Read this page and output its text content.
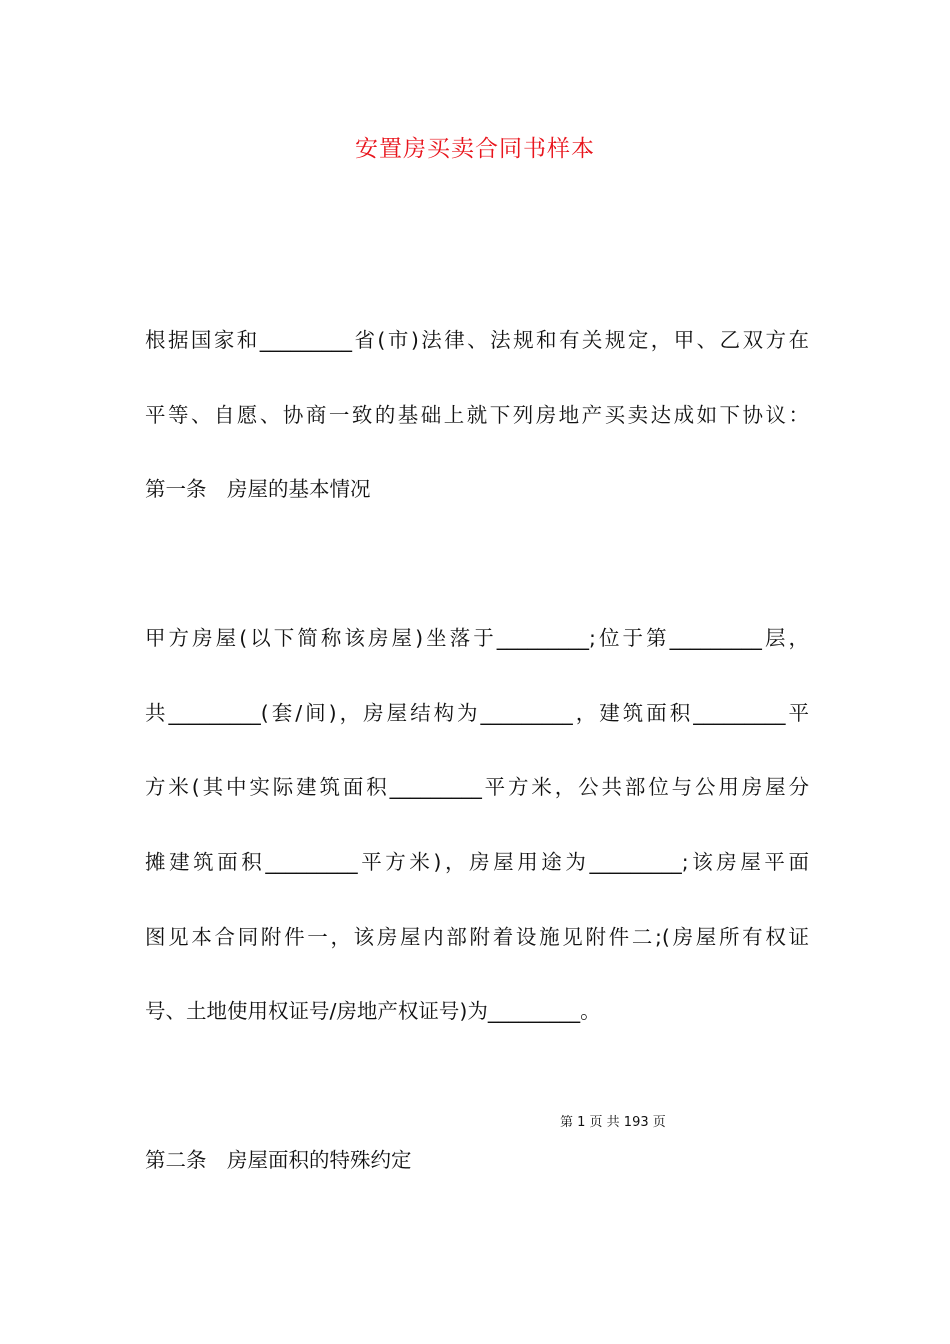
安置房买卖合同书样本
根据国家和_________省(市)法律、法规和有关规定，甲、乙双方在
平等、自愿、协商一致的基础上就下列房地产买卖达成如下协议：
第一条　房屋的基本情况
甲方房屋(以下简称该房屋)坐落于_________;位于第_________层，
共_________(套/间)，房屋结构为_________，建筑面积_________平
方米(其中实际建筑面积_________平方米，公共部位与公用房屋分
摊建筑面积_________平方米)，房屋用途为_________;该房屋平面
图见本合同附件一，该房屋内部附着设施见附件二;(房屋所有权证
号、土地使用权证号/房地产权证号)为_________。
第 1 页 共 193 页
第二条　房屋面积的特殊约定
